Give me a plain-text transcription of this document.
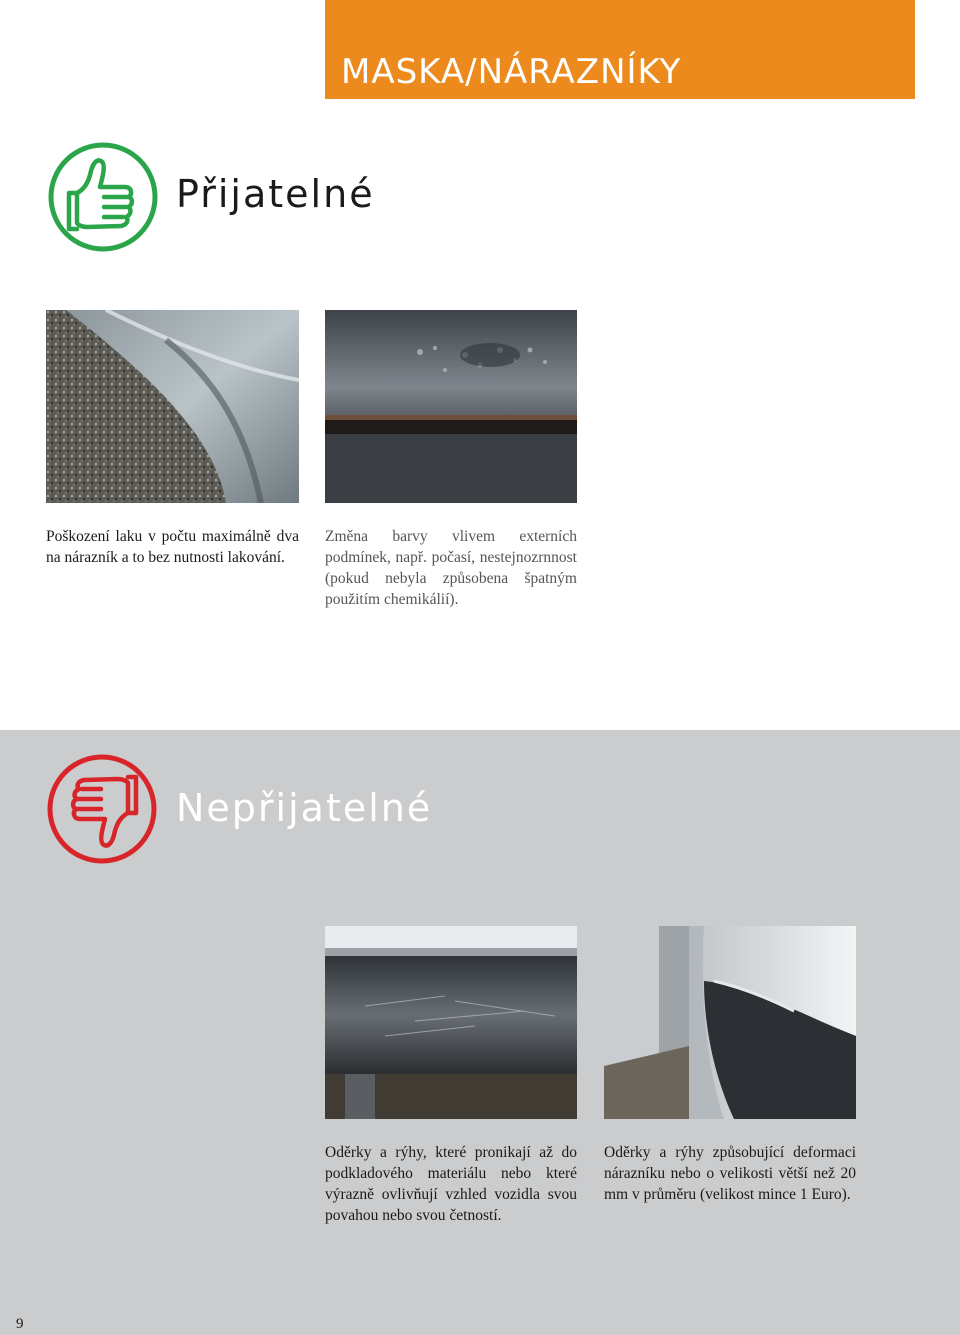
MASKA/NÁRAZNÍKY
Přijatelné
Poškození laku v počtu maximálně dva na nárazník a to bez nutnosti lakování.
Změna barvy vlivem externích podmínek, např. počasí, nestejnozrnnost (pokud nebyla způsobena špatným použitím chemikálií).
Nepřijatelné
Oděrky a rýhy, které pronikají až do podkladového materiálu nebo které výrazně ovlivňují vzhled vozidla svou povahou nebo svou četností.
Oděrky a rýhy způsobující deformaci nárazníku nebo o velikosti větší než 20 mm v průměru (velikost mince 1 Euro).
9
